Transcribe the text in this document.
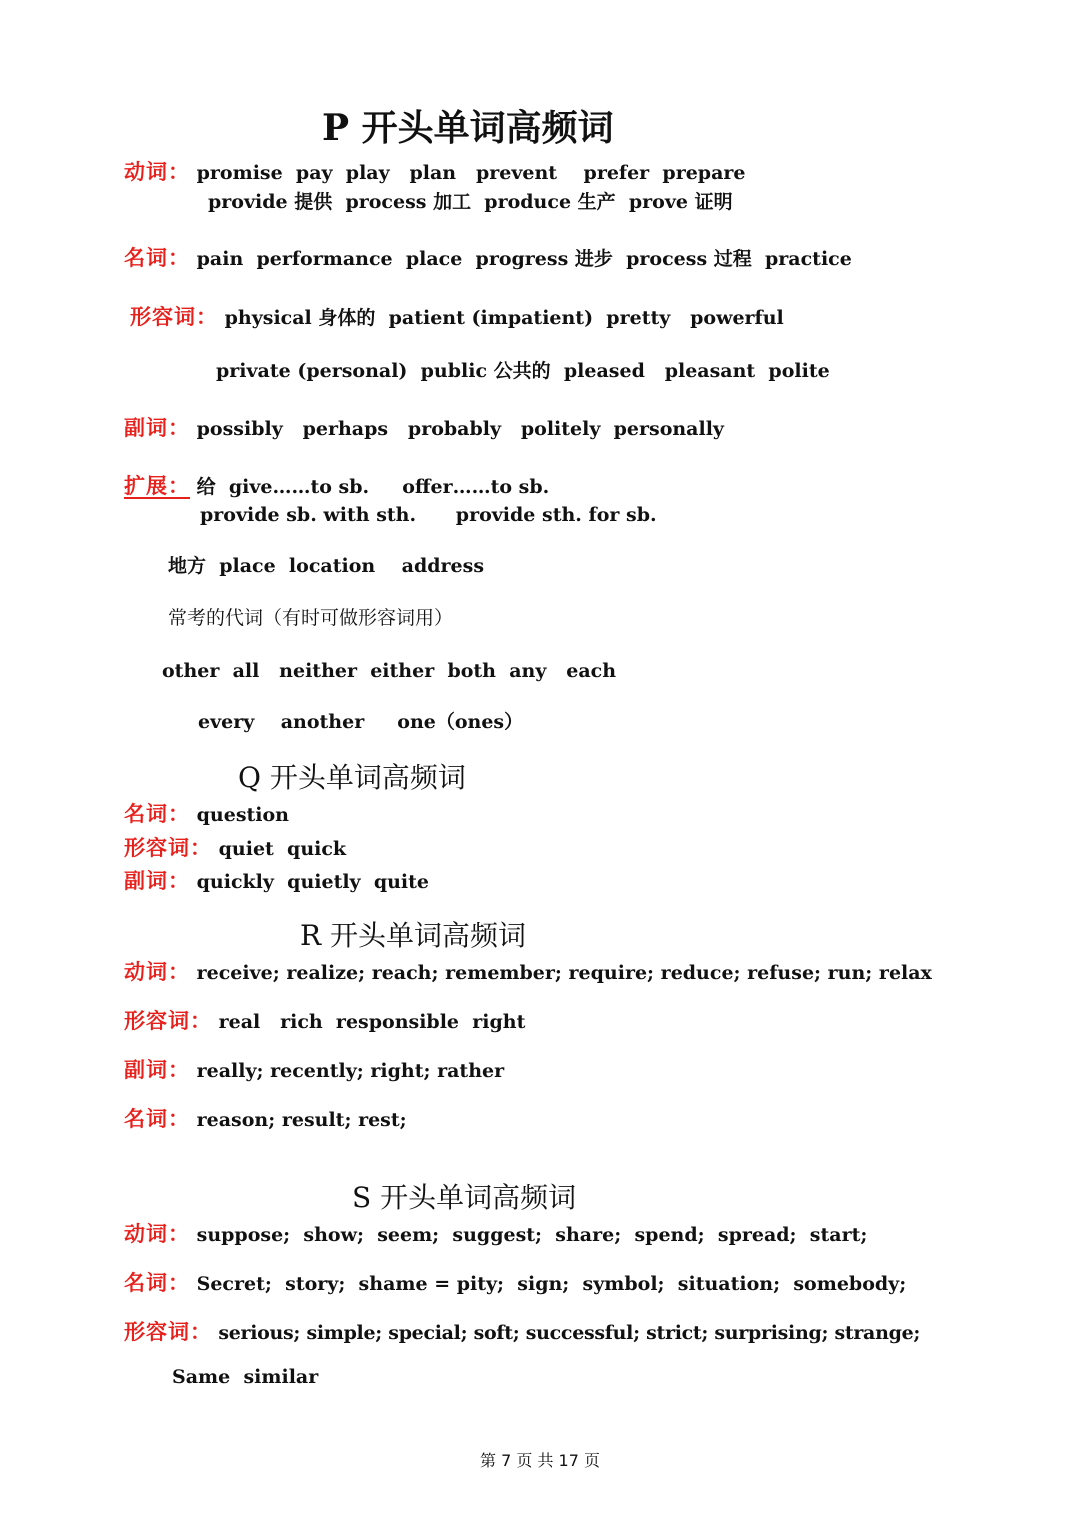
P 开头单词高频词
动词： promise  pay  play   plan   prevent    prefer  prepare
provide 提供  process 加工  produce 生产  prove 证明
名词： pain  performance  place  progress 进步  process 过程  practice
形容词： physical 身体的  patient (impatient)  pretty   powerful
private (personal)  public 公共的  pleased   pleasant  polite
副词： possibly   perhaps   probably   politely  personally
扩展： 给  give……to sb.     offer……to sb.
provide sb. with sth.      provide sth. for sb.
地方  place  location    address
常考的代词（有时可做形容词用）
other  all   neither  either  both  any   each
every    another     one（ones）
Q 开头单词高频词
名词： question
形容词： quiet  quick
副词： quickly  quietly  quite
R 开头单词高频词
动词： receive; realize; reach; remember; require; reduce; refuse; run; relax
形容词： real   rich  responsible  right
副词： really; recently; right; rather
名词： reason; result; rest;
S 开头单词高频词
动词： suppose;  show;  seem;  suggest;  share;  spend;  spread;  start;
名词： Secret;  story;  shame = pity;  sign;  symbol;  situation;  somebody;
形容词： serious; simple; special; soft; successful; strict; surprising; strange;
Same  similar
第 7 页 共 17 页
